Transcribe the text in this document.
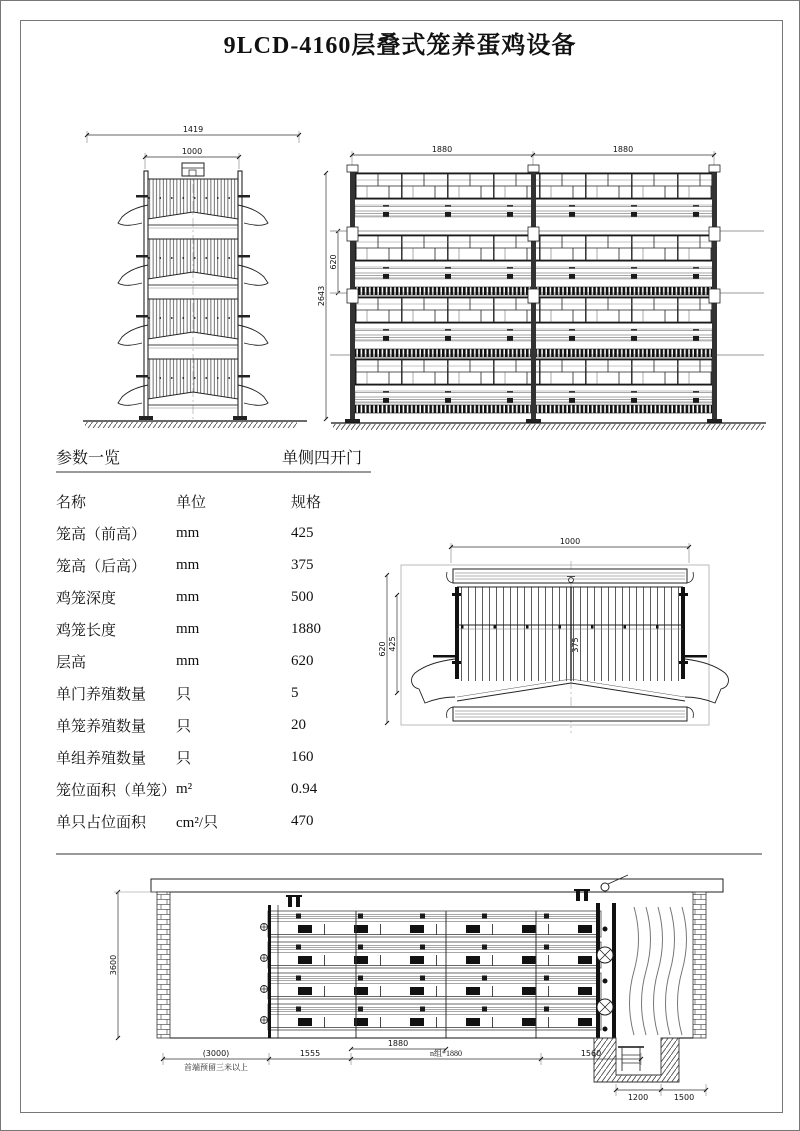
9LCD-4160层叠式笼养蛋鸡设备
1419
1000	1880	1880
2643
620
参数一览	单侧四开门
名称	单位	规格
笼高（前高）	mm	425
笼高（后高）	mm	375
鸡笼深度	mm	500
鸡笼长度	mm	1880
层高	mm	620
单门养殖数量	只	5
单笼养殖数量	只	20
单组养殖数量	只	160
笼位面积（单笼） m²	0.94
单只占位面积	cm²/只	470
1000
620 425	375
3600
1880
(3000)	1555	n组*1880	1560
首端预留三米以上
1200	1500
